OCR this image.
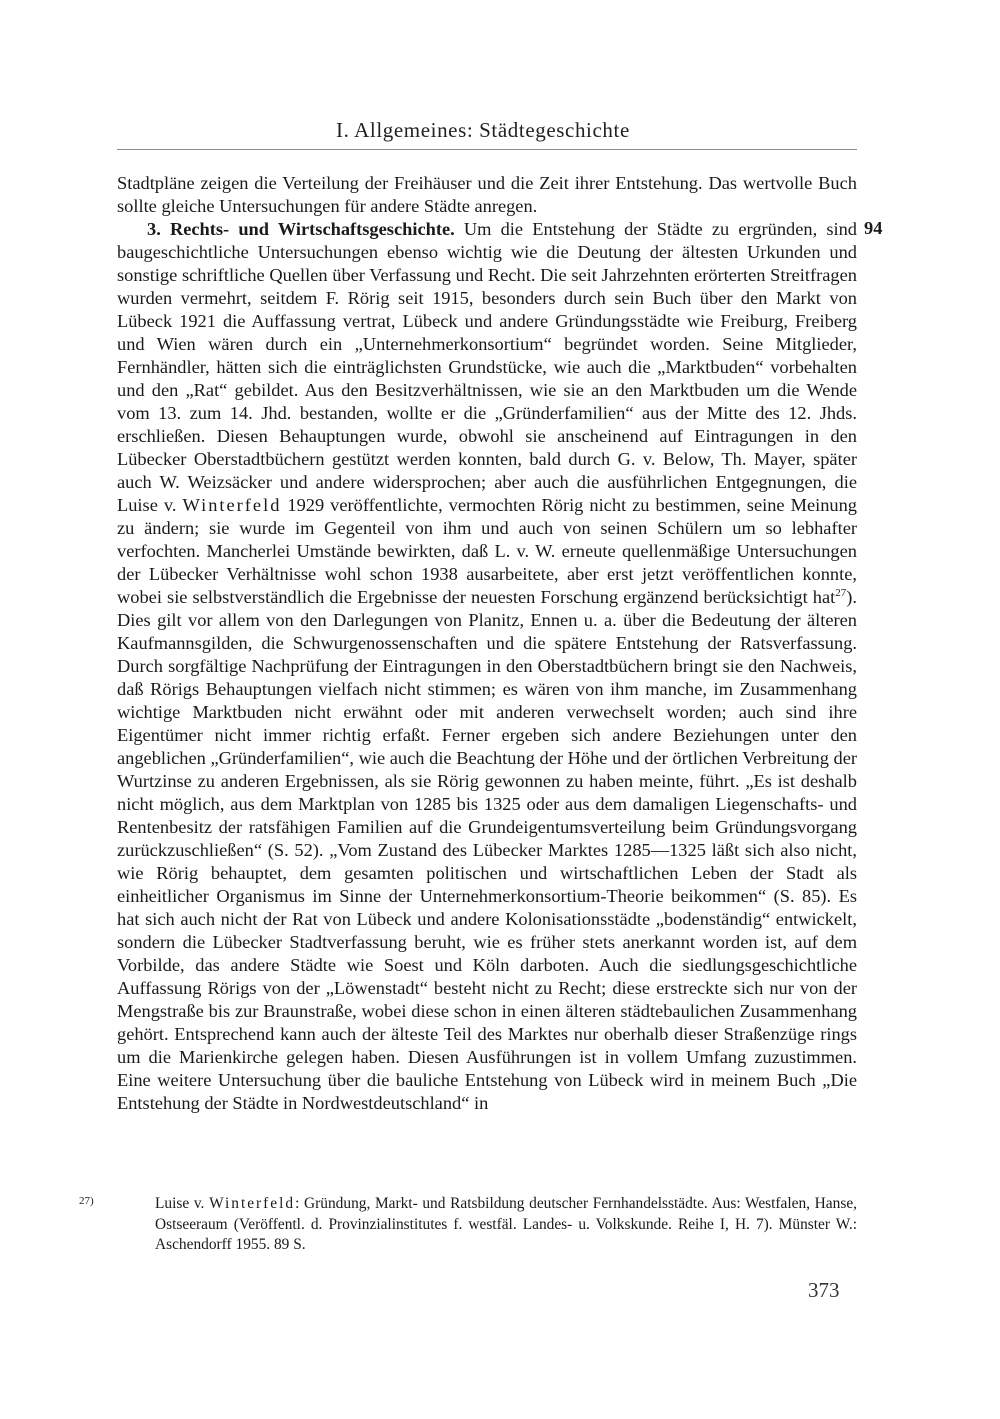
I. Allgemeines: Städtegeschichte
94

Stadtpläne zeigen die Verteilung der Freihäuser und die Zeit ihrer Entstehung. Das wertvolle Buch sollte gleiche Untersuchungen für andere Städte anregen.

3. Rechts- und Wirtschaftsgeschichte. Um die Entstehung der Städte zu ergründen, sind baugeschichtliche Untersuchungen ebenso wichtig wie die Deutung der ältesten Urkunden und sonstige schriftliche Quellen über Verfassung und Recht. Die seit Jahrzehnten erörterten Streitfragen wurden vermehrt, seitdem F. Rörig seit 1915, besonders durch sein Buch über den Markt von Lübeck 1921 die Auffassung vertrat, Lübeck und andere Gründungsstädte wie Freiburg, Freiberg und Wien wären durch ein „Unternehmerkonsortium“ begründet worden. Seine Mitglieder, Fernhändler, hätten sich die einträglichsten Grundstücke, wie auch die „Marktbuden“ vorbehalten und den „Rat“ gebildet. Aus den Besitzverhältnissen, wie sie an den Marktbuden um die Wende vom 13. zum 14. Jhd. bestanden, wollte er die „Gründerfamilien“ aus der Mitte des 12. Jhds. erschließen. Diesen Behauptungen wurde, obwohl sie anscheinend auf Eintragungen in den Lübecker Oberstadtbüchern gestützt werden konnten, bald durch G. v. Below, Th. Mayer, später auch W. Weizsäcker und andere widersprochen; aber auch die ausführlichen Entgegnungen, die Luise v. Winterfeld 1929 veröffentlichte, vermochten Rörig nicht zu bestimmen, seine Meinung zu ändern; sie wurde im Gegenteil von ihm und auch von seinen Schülern um so lebhafter verfochten. Mancherlei Umstände bewirkten, daß L. v. W. erneute quellenmäßige Untersuchungen der Lübecker Verhältnisse wohl schon 1938 ausarbeitete, aber erst jetzt veröffentlichen konnte, wobei sie selbstverständlich die Ergebnisse der neuesten Forschung ergänzend berücksichtigt hat$^{27}$). Dies gilt vor allem von den Darlegungen von Planitz, Ennen u. a. über die Bedeutung der älteren Kaufmannsgilden, die Schwurgenossenschaften und die spätere Entstehung der Ratsverfassung. Durch sorgfältige Nachprüfung der Eintragungen in den Oberstadtbüchern bringt sie den Nachweis, daß Rörigs Behauptungen vielfach nicht stimmen; es wären von ihm manche, im Zusammenhang wichtige Marktbuden nicht erwähnt oder mit anderen verwechselt worden; auch sind ihre Eigentümer nicht immer richtig erfaßt. Ferner ergeben sich andere Beziehungen unter den angeblichen „Gründerfamilien“, wie auch die Beachtung der Höhe und der örtlichen Verbreitung der Wurtzinse zu anderen Ergebnissen, als sie Rörig gewonnen zu haben meinte, führt. „Es ist deshalb nicht möglich, aus dem Marktplan von 1285 bis 1325 oder aus dem damaligen Liegenschafts- und Rentenbesitz der ratsfähigen Familien auf die Grundeigentumsverteilung beim Gründungsvorgang zurückzuschließen“ (S. 52). „Vom Zustand des Lübecker Marktes 1285—1325 läßt sich also nicht, wie Rörig behauptet, dem gesamten politischen und wirtschaftlichen Leben der Stadt als einheitlicher Organismus im Sinne der Unternehmerkonsortium-Theorie beikommen“ (S. 85). Es hat sich auch nicht der Rat von Lübeck und andere Kolonisationsstädte „bodenständig“ entwickelt, sondern die Lübecker Stadtverfassung beruht, wie es früher stets anerkannt worden ist, auf dem Vorbilde, das andere Städte wie Soest und Köln darboten. Auch die siedlungsgeschichtliche Auffassung Rörigs von der „Löwenstadt“ besteht nicht zu Recht; diese erstreckte sich nur von der Mengstraße bis zur Braunstraße, wobei diese schon in einen älteren städtebaulichen Zusammenhang gehört. Entsprechend kann auch der älteste Teil des Marktes nur oberhalb dieser Straßenzüge rings um die Marienkirche gelegen haben. Diesen Ausführungen ist in vollem Umfang zuzustimmen. Eine weitere Untersuchung über die bauliche Entstehung von Lübeck wird in meinem Buch „Die Entstehung der Städte in Nordwestdeutschland“ in

27)	Luise v. Winterfeld: Gründung, Markt- und Ratsbildung deutscher Fernhandelsstädte. Aus: Westfalen, Hanse, Ostseeraum (Veröffentl. d. Provinzialinstitutes f. westfäl. Landes- u. Volkskunde. Reihe I, H. 7). Münster W.: Aschendorff 1955. 89 S.

373
